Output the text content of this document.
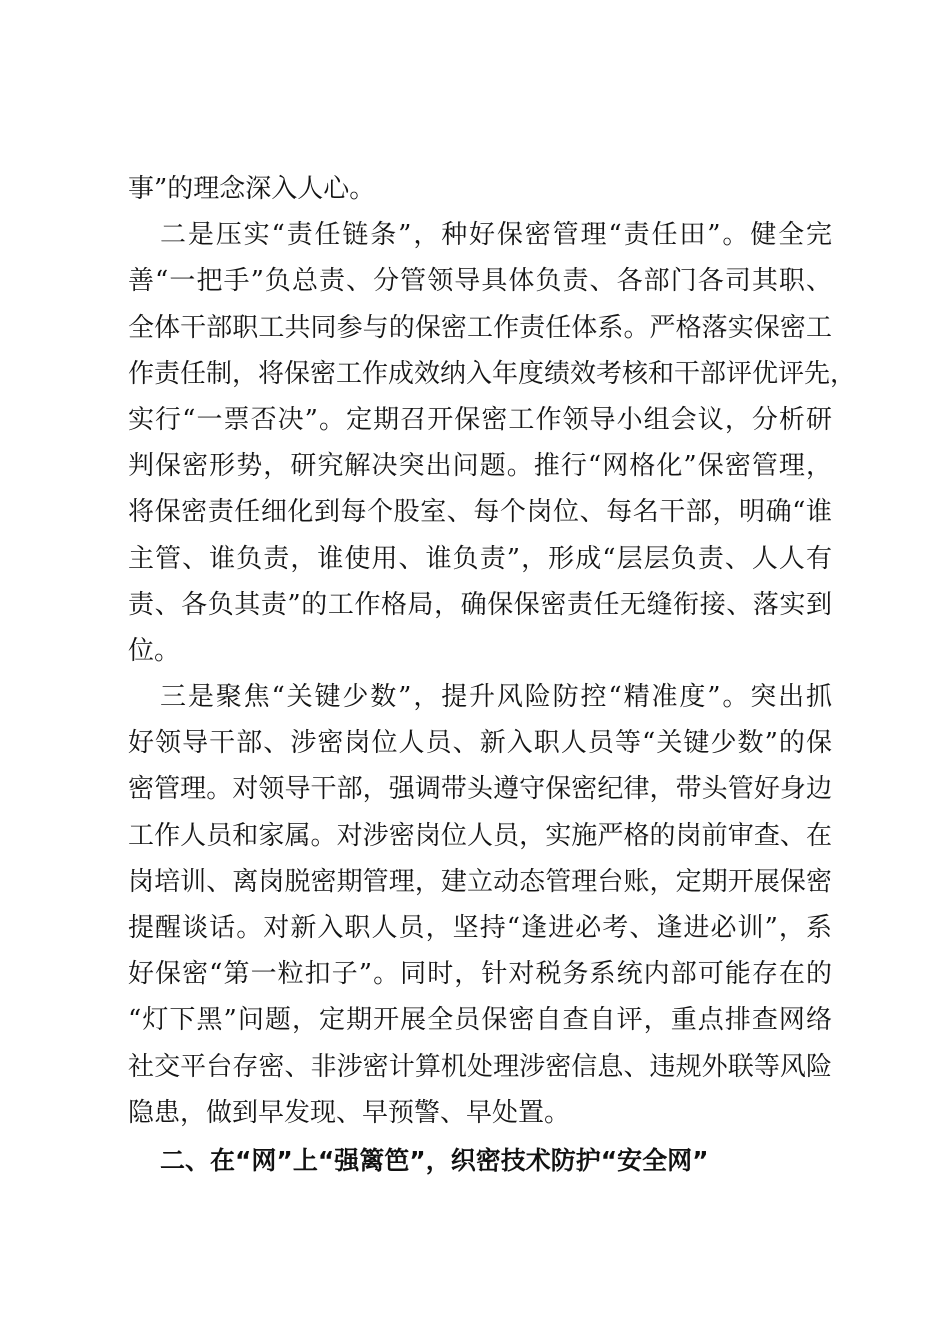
事”的理念深入人心。
二是压实“责任链条”，种好保密管理“责任田”。健全完
善“一把手”负总责、分管领导具体负责、各部门各司其职、
全体干部职工共同参与的保密工作责任体系。严格落实保密工
作责任制，将保密工作成效纳入年度绩效考核和干部评优评先，
实行“一票否决”。定期召开保密工作领导小组会议，分析研
判保密形势，研究解决突出问题。推行“网格化”保密管理，
将保密责任细化到每个股室、每个岗位、每名干部，明确“谁
主管、谁负责，谁使用、谁负责”，形成“层层负责、人人有
责、各负其责”的工作格局，确保保密责任无缝衔接、落实到
位。
三是聚焦“关键少数”，提升风险防控“精准度”。突出抓
好领导干部、涉密岗位人员、新入职人员等“关键少数”的保
密管理。对领导干部，强调带头遵守保密纪律，带头管好身边
工作人员和家属。对涉密岗位人员，实施严格的岗前审查、在
岗培训、离岗脱密期管理，建立动态管理台账，定期开展保密
提醒谈话。对新入职人员，坚持“逢进必考、逢进必训”，系
好保密“第一粒扣子”。同时，针对税务系统内部可能存在的
“灯下黑”问题，定期开展全员保密自查自评，重点排查网络
社交平台存密、非涉密计算机处理涉密信息、违规外联等风险
隐患，做到早发现、早预警、早处置。
二、在“网”上“强篱笆”，织密技术防护“安全网”
